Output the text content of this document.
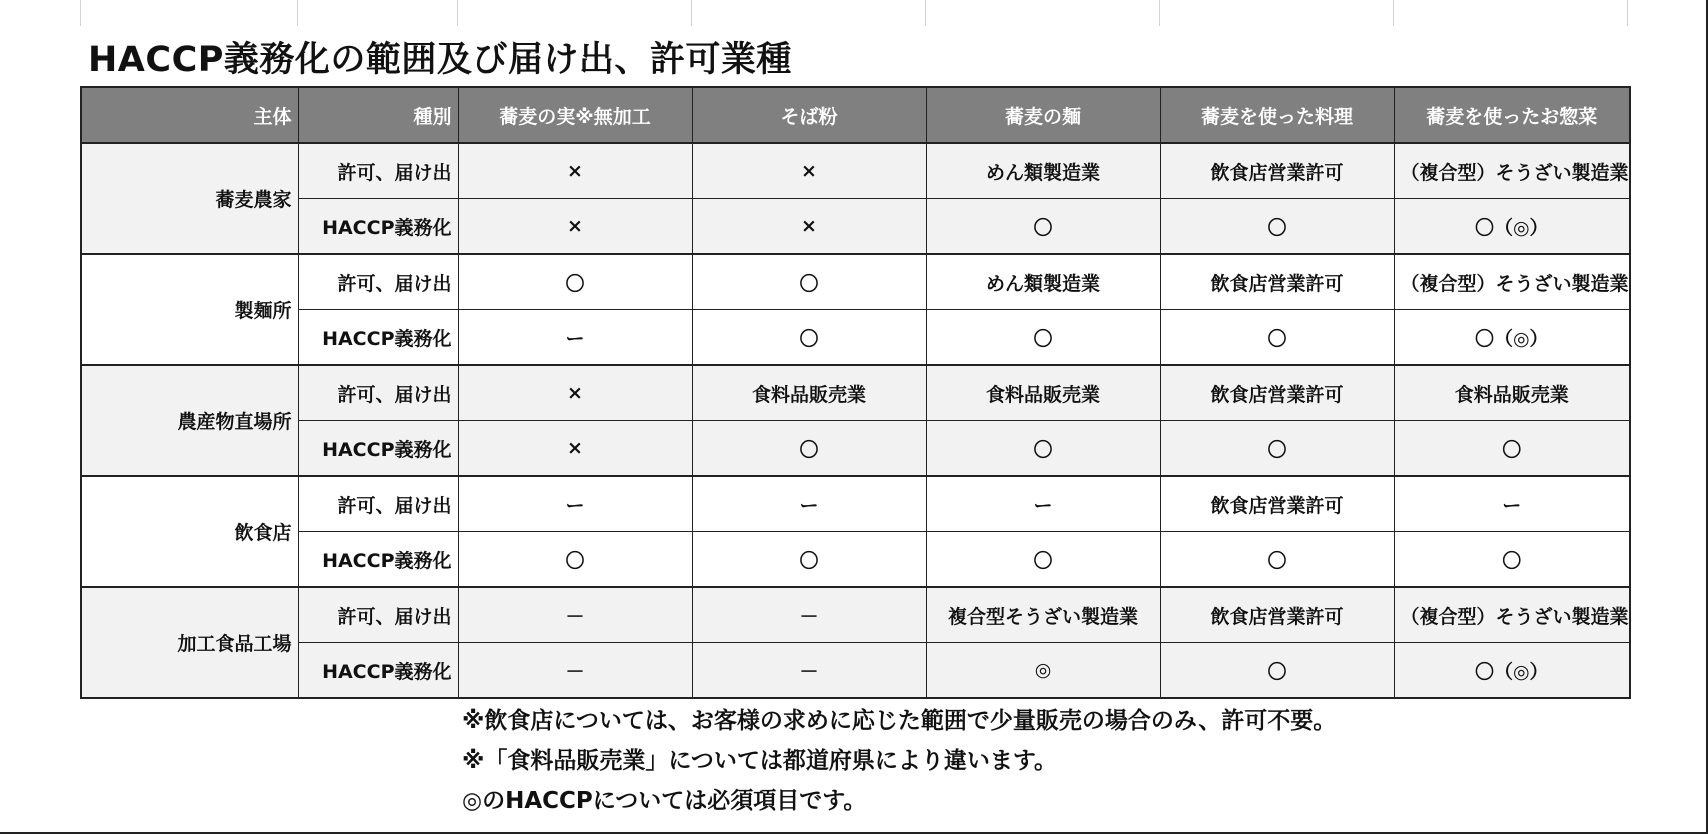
HACCP義務化の範囲及び届け出、許可業種
主体	種別	蕎麦の実※無加工	そば粉	蕎麦の麺	蕎麦を使った料理	蕎麦を使ったお惣菜
蕎麦農家	許可、届け出	×	×	めん類製造業	飲食店営業許可	（複合型）そうざい製造業
	HACCP義務化	×	×	〇	〇	〇（◎）
製麺所	許可、届け出	〇	〇	めん類製造業	飲食店営業許可	（複合型）そうざい製造業
	HACCP義務化	ー	〇	〇	〇	〇（◎）
農産物直場所	許可、届け出	×	食料品販売業	食料品販売業	飲食店営業許可	食料品販売業
	HACCP義務化	×	〇	〇	〇	〇
飲食店	許可、届け出	ー	ー	ー	飲食店営業許可	ー
	HACCP義務化	〇	〇	〇	〇	〇
加工食品工場	許可、届け出	－	－	複合型そうざい製造業	飲食店営業許可	（複合型）そうざい製造業
	HACCP義務化	－	－	◎	〇	〇（◎）
※飲食店については、お客様の求めに応じた範囲で少量販売の場合のみ、許可不要。
※「食料品販売業」については都道府県により違います。
◎のHACCPについては必須項目です。
